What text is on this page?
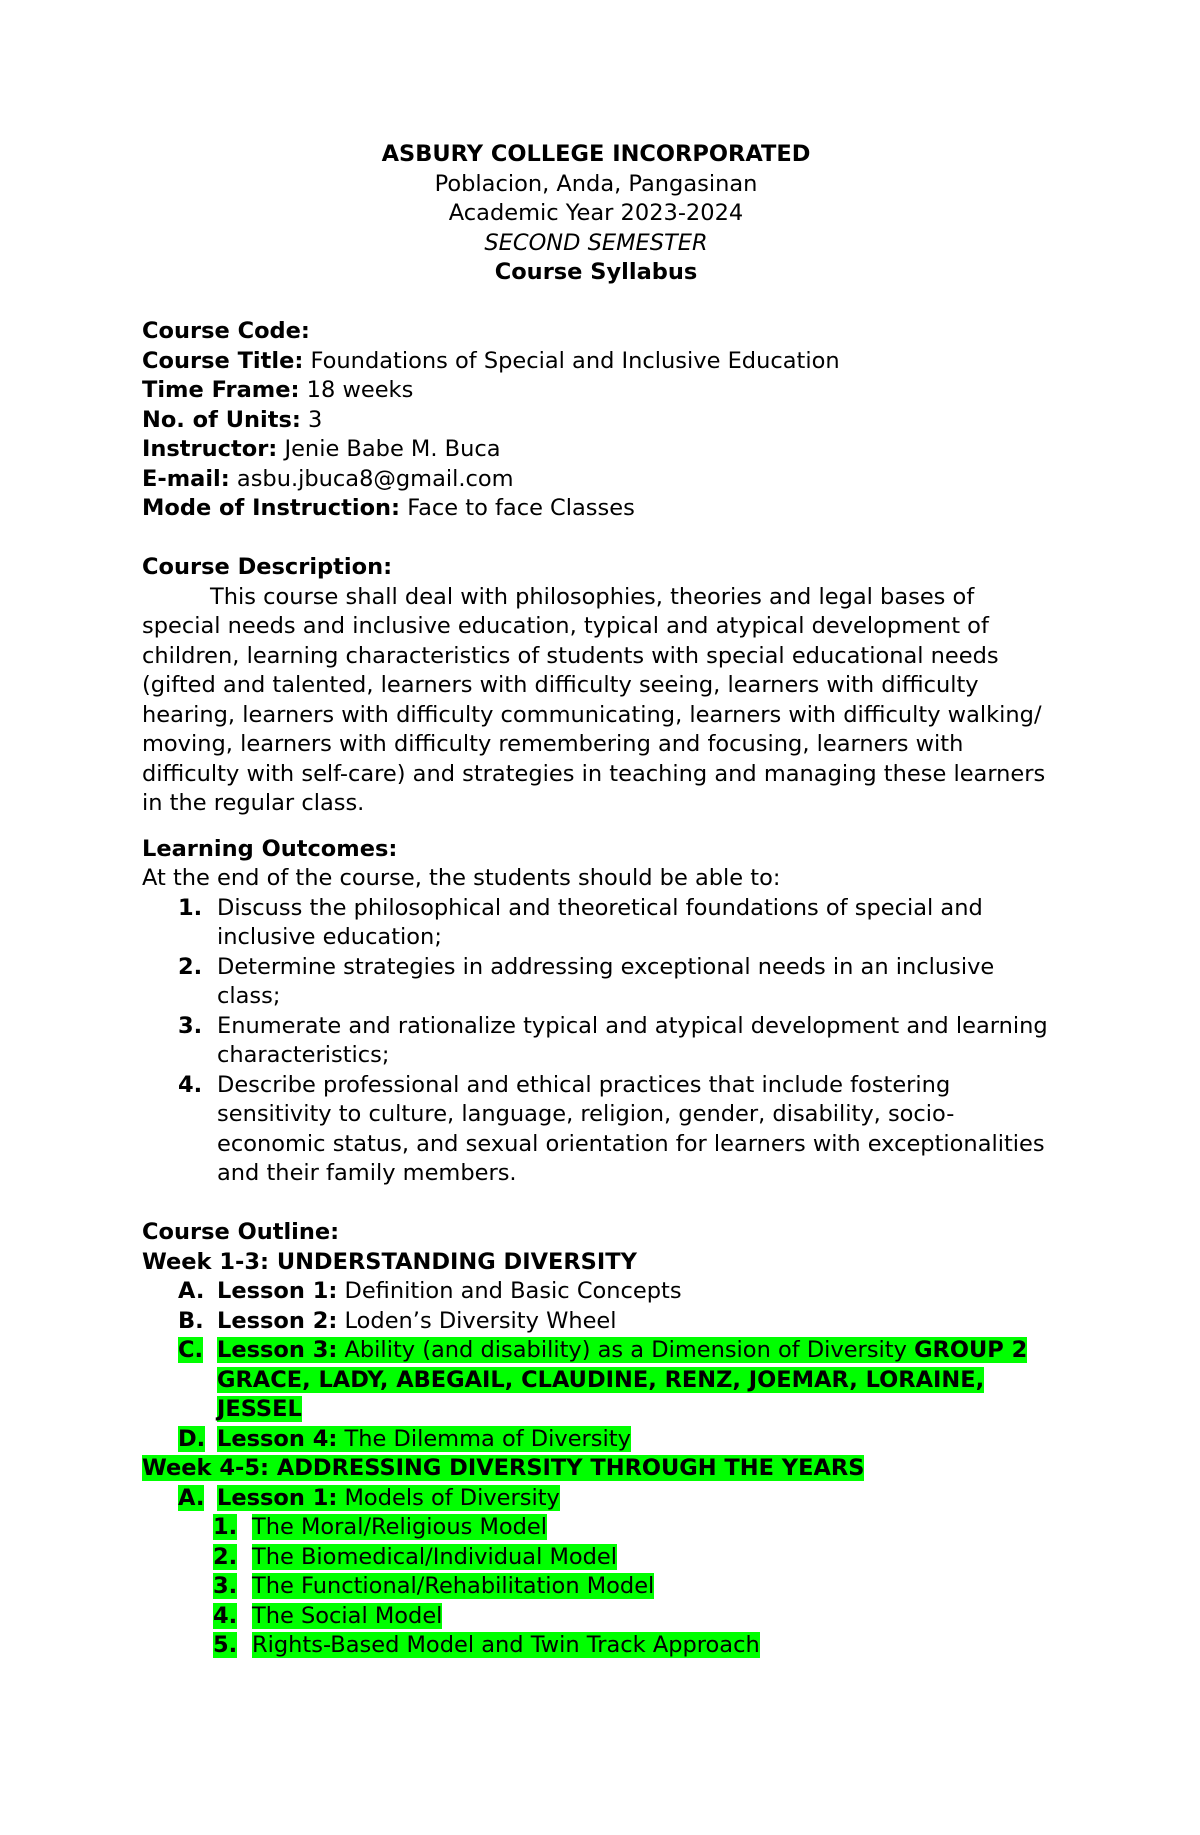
ASBURY COLLEGE INCORPORATED
Poblacion, Anda, Pangasinan
Academic Year 2023-2024
SECOND SEMESTER
Course Syllabus
Course Code:
Course Title: Foundations of Special and Inclusive Education
Time Frame: 18 weeks
No. of Units: 3
Instructor: Jenie Babe M. Buca
E-mail: asbu.jbuca8@gmail.com
Mode of Instruction: Face to face Classes
Course Description:

This course shall deal with philosophies, theories and legal bases of special needs and inclusive education, typical and atypical development of children, learning characteristics of students with special educational needs (gifted and talented, learners with difficulty seeing, learners with difficulty hearing, learners with difficulty communicating, learners with difficulty walking/ moving, learners with difficulty remembering and focusing, learners with difficulty with self-care) and strategies in teaching and managing these learners in the regular class.

Learning Outcomes:
At the end of the course, the students should be able to:
1. Discuss the philosophical and theoretical foundations of special and inclusive education;
2. Determine strategies in addressing exceptional needs in an inclusive class;
3. Enumerate and rationalize typical and atypical development and learning characteristics;
4. Describe professional and ethical practices that include fostering sensitivity to culture, language, religion, gender, disability, socio-economic status, and sexual orientation for learners with exceptionalities and their family members.
Course Outline:
Week 1-3: UNDERSTANDING DIVERSITY
A. Lesson 1: Definition and Basic Concepts
B. Lesson 2: Loden’s Diversity Wheel
C. Lesson 3: Ability (and disability) as a Dimension of Diversity GROUP 2 GRACE, LADY, ABEGAIL, CLAUDINE, RENZ, JOEMAR, LORAINE, JESSEL
D. Lesson 4: The Dilemma of Diversity
Week 4-5: ADDRESSING DIVERSITY THROUGH THE YEARS
A. Lesson 1: Models of Diversity
1. The Moral/Religious Model
2. The Biomedical/Individual Model
3. The Functional/Rehabilitation Model
4. The Social Model
5. Rights-Based Model and Twin Track Approach
